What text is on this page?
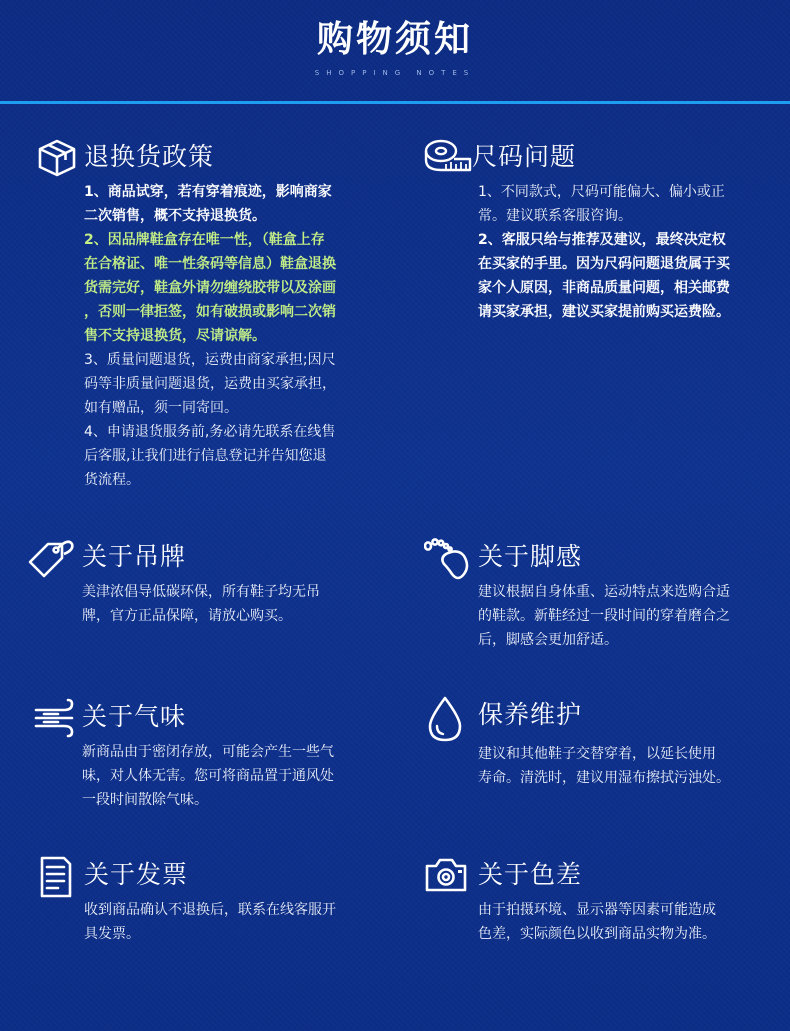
购物须知
SHOPPING NOTES
退换货政策

1、商品试穿，若有穿着痕迹，影响商家
二次销售，概不支持退换货。

2、因品牌鞋盒存在唯一性，（鞋盒上存
在合格证、唯一性条码等信息）鞋盒退换
货需完好，鞋盒外请勿缠绕胶带以及涂画
，否则一律拒签，如有破损或影响二次销
售不支持退换货，尽请谅解。

3、质量问题退货，运费由商家承担;因尺
码等非质量问题退货，运费由买家承担，
如有赠品，须一同寄回。

4、申请退货服务前,务必请先联系在线售
后客服,让我们进行信息登记并告知您退
货流程。

尺码问题

1、不同款式，尺码可能偏大、偏小或正
常。建议联系客服咨询。

2、客服只给与推荐及建议，最终决定权
在买家的手里。因为尺码问题退货属于买
家个人原因，非商品质量问题，相关邮费
请买家承担，建议买家提前购买运费险。

关于吊牌

美津浓倡导低碳环保，所有鞋子均无吊
牌，官方正品保障，请放心购买。

关于脚感

建议根据自身体重、运动特点来选购合适
的鞋款。新鞋经过一段时间的穿着磨合之
后，脚感会更加舒适。

关于气味

新商品由于密闭存放，可能会产生一些气
味，对人体无害。您可将商品置于通风处
一段时间散除气味。

保养维护

建议和其他鞋子交替穿着，以延长使用
寿命。清洗时，建议用湿布擦拭污浊处。

关于发票

收到商品确认不退换后，联系在线客服开
具发票。

关于色差

由于拍摄环境、显示器等因素可能造成
色差，实际颜色以收到商品实物为准。
